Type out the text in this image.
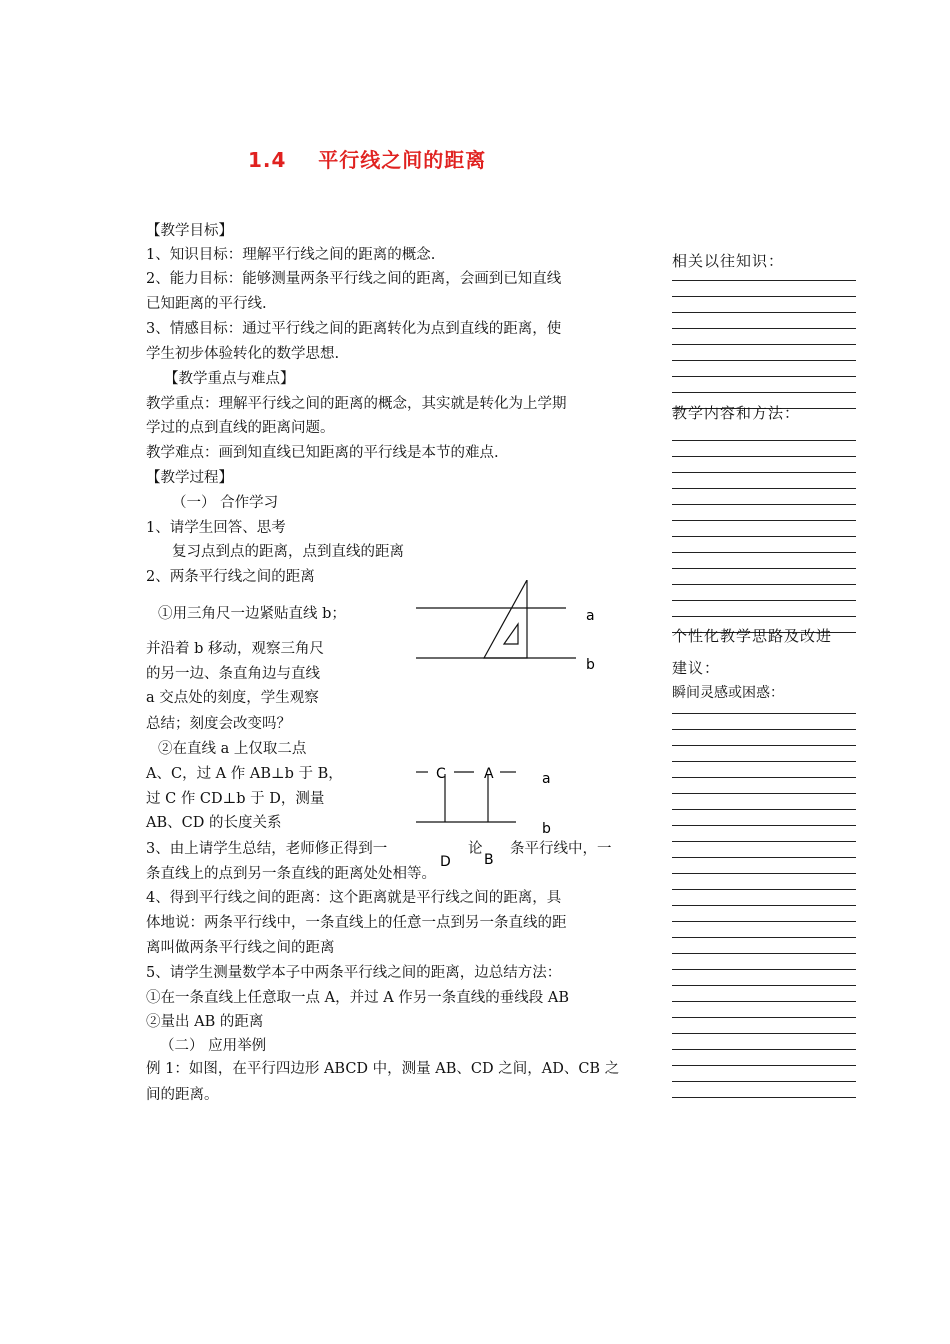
1.4    平行线之间的距离
【教学目标】
1、知识目标：理解平行线之间的距离的概念.
2、能力目标：能够测量两条平行线之间的距离，会画到已知直线
已知距离的平行线.
3、情感目标：通过平行线之间的距离转化为点到直线的距离，使
学生初步体验转化的数学思想.
【教学重点与难点】
教学重点：理解平行线之间的距离的概念，其实就是转化为上学期
学过的点到直线的距离问题。
教学难点：画到知直线已知距离的平行线是本节的难点.
【教学过程】
（一） 合作学习
1、请学生回答、思考
复习点到点的距离，点到直线的距离
2、两条平行线之间的距离
①用三角尺一边紧贴直线 b；
并沿着 b 移动，观察三角尺
的另一边、条直角边与直线
a 交点处的刻度，学生观察
总结；刻度会改变吗？
②在直线 a 上仅取二点
A、C，过 A 作 AB⊥b 于 B，
过 C 作 CD⊥b 于 D，测量
AB、CD 的长度关系
3、由上请学生总结，老师修正得到一	论 条平行线中，一
条直线上的点到另一条直线的距离处处相等。
4、得到平行线之间的距离：这个距离就是平行线之间的距离，具
体地说：两条平行线中，一条直线上的任意一点到另一条直线的距
离叫做两条平行线之间的距离
5、请学生测量数学本子中两条平行线之间的距离，边总结方法：
①在一条直线上任意取一点 A，并过 A 作另一条直线的垂线段 AB
②量出 AB 的距离
（二） 应用举例
例 1：如图，在平行四边形 ABCD 中，测量 AB、CD 之间，AD、CB 之
间的距离。
a
b
C	A	a
b
D B
相关以往知识：
教学内容和方法：
个性化教学思路及改进
建议：
瞬间灵感或困惑：
